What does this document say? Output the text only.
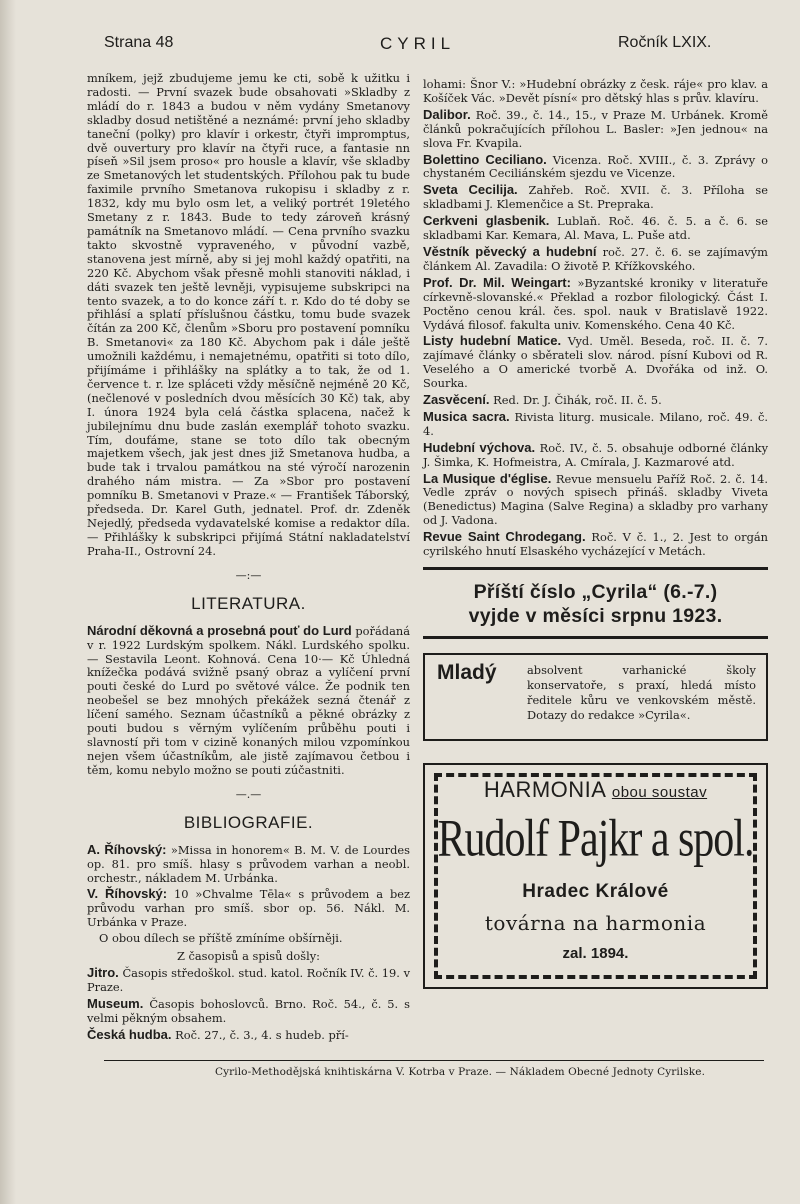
Strana 48	CYRIL	Ročník LXIX.

mníkem, jejž zbudujeme jemu ke cti, sobě k užitku i radosti. — První svazek bude obsahovati »Skladby z mládí do r. 1843 a budou v něm vydány Smetanovy skladby dosud netištěné a neznámé: první jeho skladby taneční (polky) pro klavír i orkestr, čtyři impromptus, dvě ouvertury pro klavír na čtyři ruce, a fantasie nn píseň »Sil jsem proso« pro housle a klavír, vše skladby ze Smetanových let studentských. Přílohou pak tu bude faximile prvního Smetanova rukopisu i skladby z r. 1832, kdy mu bylo osm let, a veliký portrét 19letého Smetany z r. 1843. Bude to tedy zároveň krásný památník na Smetanovo mládí. — Cena prvního svazku takto skvostně vypraveného, v původní vazbě, stanovena jest mírně, aby si jej mohl každý opatřiti, na 220 Kč. Abychom však přesně mohli stanoviti náklad, i dáti svazek ten ještě levněji, vypisujeme subskripci na tento svazek, a to do konce září t. r. Kdo do té doby se přihlásí a splatí příslušnou částku, tomu bude svazek čítán za 200 Kč, členům »Sboru pro postavení pomníku B. Smetanovi« za 180 Kč. Abychom pak i dále ještě umožnili každému, i nemajetnému, opatřiti si toto dílo, přijímáme i přihlášky na splátky a to tak, že od 1. července t. r. lze spláceti vždy měsíčně nejméně 20 Kč, (nečlenové v posledních dvou měsících 30 Kč) tak, aby I. února 1924 byla celá částka splacena, načež k jubilejnímu dnu bude zaslán exemplář tohoto svazku. Tím, doufáme, stane se toto dílo tak obecným majetkem všech, jak jest dnes již Smetanova hudba, a bude tak i trvalou památkou na sté výročí narozenin drahého nám mistra. — Za »Sbor pro postavení pomníku B. Smetanovi v Praze.« — František Táborský, předseda. Dr. Karel Guth, jednatel. Prof. dr. Zdeněk Nejedlý, předseda vydavatelské komise a redaktor díla. — Přihlášky k subskripci přijímá Státní nakladatelství Praha-II., Ostrovní 24.

—:—
LITERATURA.

Národní děkovná a prosebná pouť do Lurd pořádaná v r. 1922 Lurdským spolkem. Nákl. Lurdského spolku. — Sestavila Leont. Kohnová. Cena 10·— Kč Úhledná knížečka podává svižně psaný obraz a vylíčení první pouti české do Lurd po světové válce. Že podnik ten neobešel se bez mnohých překážek sezná čtenář z líčení samého. Seznam účastníků a pěkné obrázky z pouti budou s věrným vylíčením průběhu pouti i slavností při tom v cizině konaných milou vzpomínkou nejen všem účastníkům, ale jistě zajímavou četbou i těm, komu nebylo možno se pouti zúčastniti.

—.—
BIBLIOGRAFIE.

A. Říhovský: »Missa in honorem« B. M. V. de Lourdes op. 81. pro smíš. hlasy s průvodem varhan a neobl. orchestr., nákladem M. Urbánka.

V. Říhovský: 10 »Chvalme Tēla« s průvodem a bez průvodu varhan pro smíš. sbor op. 56. Nákl. M. Urbánka v Praze.

O obou dílech se příště zmíníme obšírněji.

Z časopisů a spisů došly:

Jitro. Časopis středoškol. stud. katol. Ročník IV. č. 19. v Praze.

Museum. Časopis bohoslovců. Brno. Roč. 54., č. 5. s velmi pěkným obsahem.

Česká hudba. Roč. 27., č. 3., 4. s hudeb. pří-

lohami: Šnor V.: »Hudební obrázky z česk. ráje« pro klav. a Košíček Vác. »Devět písní« pro dětský hlas s prův. klavíru.

Dalibor. Roč. 39., č. 14., 15., v Praze M. Urbánek. Kromě článků pokračujících přílohou L. Basler: »Jen jednou« na slova Fr. Kvapila.

Bolettino Ceciliano. Vicenza. Roč. XVIII., č. 3. Zprávy o chystaném Ceciliánském sjezdu ve Vicenze.

Sveta Cecilija. Zahřeb. Roč. XVII. č. 3. Příloha se skladbami J. Klemenčice a St. Prepraka.

Cerkveni glasbenik. Lublaň. Roč. 46. č. 5. a č. 6. se skladbami Kar. Kemara, Al. Mava, L. Puše atd.

Věstník pěvecký a hudební roč. 27. č. 6. se zajímavým článkem Al. Zavadila: O životě P. Křížkovského.

Prof. Dr. Mil. Weingart: »Byzantské kroniky v literatuře církevně-slovanské.« Překlad a rozbor filologický. Část I. Poctěno cenou král. čes. spol. nauk v Bratislavě 1922. Vydává filosof. fakulta univ. Komenského. Cena 40 Kč.

Listy hudební Matice. Vyd. Uměl. Beseda, roč. II. č. 7. zajímavé články o sběrateli slov. národ. písní Kubovi od R. Veselého a O americké tvorbě A. Dvořáka od inž. O. Sourka.

Zasvěcení. Red. Dr. J. Čihák, roč. II. č. 5.

Musica sacra. Rivista liturg. musicale. Milano, roč. 49. č. 4.

Hudební výchova. Roč. IV., č. 5. obsahuje odborné články J. Šimka, K. Hofmeistra, A. Cmírala, J. Kazmarové atd.

La Musique d'église. Revue mensuelu Paříž Roč. 2. č. 14. Vedle zpráv o nových spisech přináš. skladby Viveta (Benedictus) Magina (Salve Regina) a skladby pro varhany od J. Vadona.

Revue Saint Chrodegang. Roč. V č. 1., 2. Jest to orgán cyrilského hnutí Elsaského vycházející v Metách.

Příští číslo „Cyrila“ (6.-7.)
vyjde v měsíci srpnu 1923.
Mladý	absolvent varhanické školy konservatoře, s praxí, hledá místo ředitele kůru ve venkovském městě. Dotazy do redakce »Cyrila«.
HARMONIA obou soustav
Rudolf Pajkr a spol.
Hradec Králové
továrna na harmonia
zal. 1894.
Cyrilo-Methodějská knihtiskárna V. Kotrba v Praze. — Nákladem Obecné Jednoty Cyrilske.
